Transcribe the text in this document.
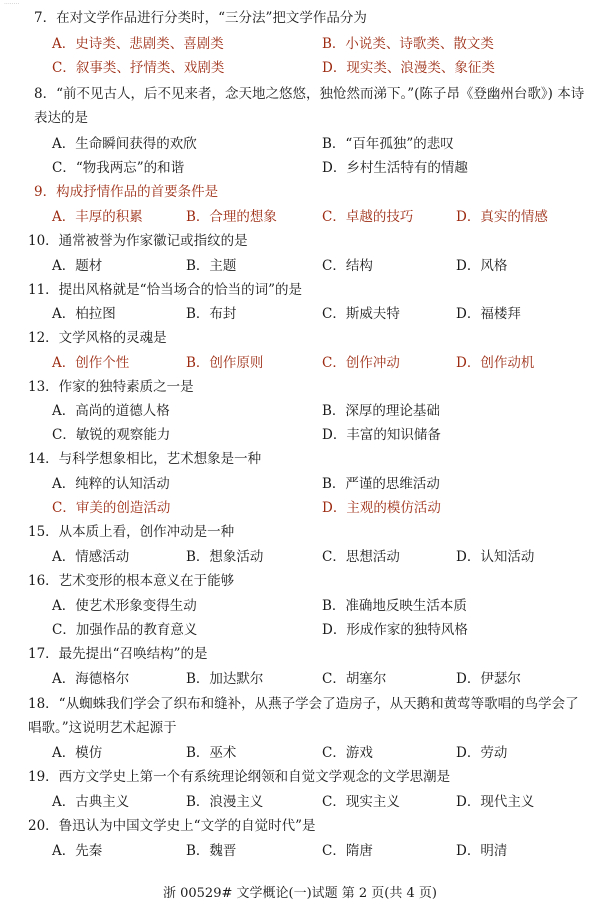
········
7．在对文学作品进行分类时，“三分法”把文学作品分为
A．史诗类、悲剧类、喜剧类	B．小说类、诗歌类、散文类
C．叙事类、抒情类、戏剧类	D．现实类、浪漫类、象征类
8．“前不见古人，后不见来者，念天地之悠悠，独怆然而涕下。”(陈子昂《登幽州台歌》) 本诗表达的是
A．生命瞬间获得的欢欣	B．“百年孤独”的悲叹
C．“物我两忘”的和谐	D．乡村生活特有的情趣
9．构成抒情作品的首要条件是
A．丰厚的积累	B．合理的想象	C．卓越的技巧	D．真实的情感
10．通常被誉为作家徽记或指纹的是
A．题材	B．主题	C．结构	D．风格
11．提出风格就是“恰当场合的恰当的词”的是
A．柏拉图	B．布封	C．斯威夫特	D．福楼拜
12．文学风格的灵魂是
A．创作个性	B．创作原则	C．创作冲动	D．创作动机
13．作家的独特素质之一是
A．高尚的道德人格	B．深厚的理论基础
C．敏锐的观察能力	D．丰富的知识储备
14．与科学想象相比，艺术想象是一种
A．纯粹的认知活动	B．严谨的思维活动
C．审美的创造活动	D．主观的模仿活动
15．从本质上看，创作冲动是一种
A．情感活动	B．想象活动	C．思想活动	D．认知活动
16．艺术变形的根本意义在于能够
A．使艺术形象变得生动	B．准确地反映生活本质
C．加强作品的教育意义	D．形成作家的独特风格
17．最先提出“召唤结构”的是
A．海德格尔	B．加达默尔	C．胡塞尔	D．伊瑟尔
18．“从蜘蛛我们学会了织布和缝补，从燕子学会了造房子，从天鹅和黄莺等歌唱的鸟学会了唱歌。”这说明艺术起源于
A．模仿	B．巫术	C．游戏	D．劳动
19．西方文学史上第一个有系统理论纲领和自觉文学观念的文学思潮是
A．古典主义	B．浪漫主义	C．现实主义	D．现代主义
20．鲁迅认为中国文学史上“文学的自觉时代”是
A．先秦	B．魏晋	C．隋唐	D．明清
浙 00529# 文学概论(一)试题 第 2 页(共 4 页)
